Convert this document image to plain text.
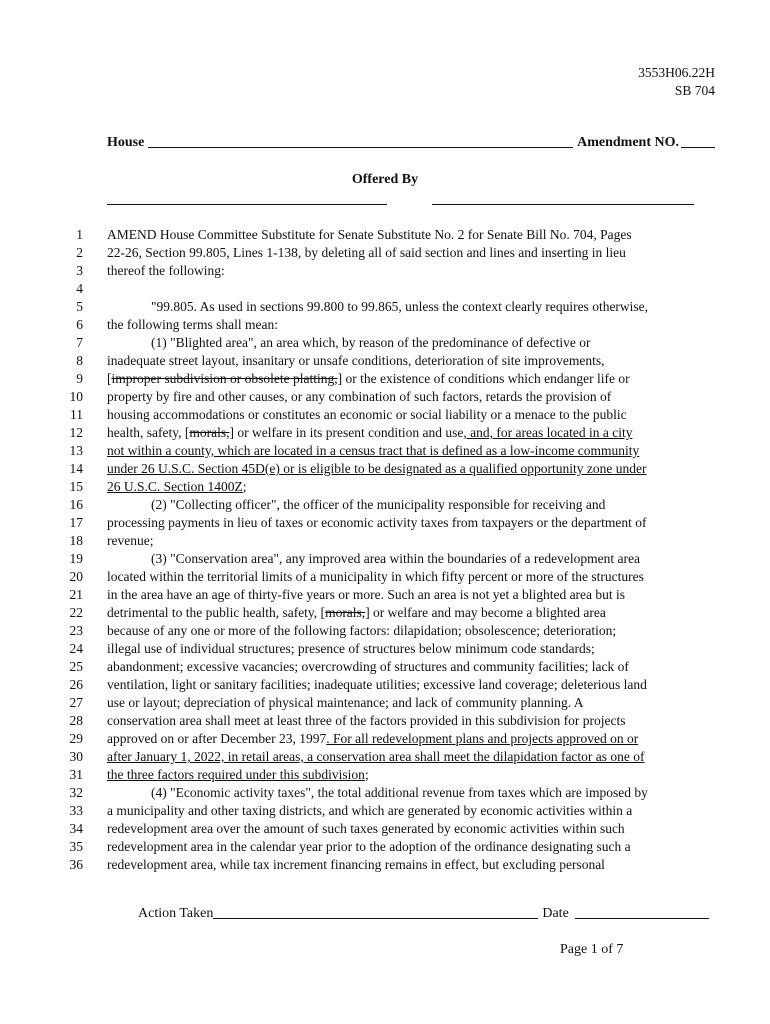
3553H06.22H
SB 704
House	Amendment NO.
Offered By
1
2
3
4
5
6
7
8
9
10
11
12
13
14
15
16
17
18
19
20
21
22
23
24
25
26
27
28
29
30
31
32
33
34
35
36
AMEND House Committee Substitute for Senate Substitute No. 2 for Senate Bill No. 704, Pages
22-26, Section 99.805, Lines 1-138, by deleting all of said section and lines and inserting in lieu
thereof the following:
"99.805. As used in sections 99.800 to 99.865, unless the context clearly requires otherwise,
the following terms shall mean:
(1) "Blighted area", an area which, by reason of the predominance of defective or
inadequate street layout, insanitary or unsafe conditions, deterioration of site improvements,
[improper subdivision or obsolete platting,] or the existence of conditions which endanger life or
property by fire and other causes, or any combination of such factors, retards the provision of
housing accommodations or constitutes an economic or social liability or a menace to the public
health, safety, [morals,] or welfare in its present condition and use, and, for areas located in a city
not within a county, which are located in a census tract that is defined as a low-income community
under 26 U.S.C. Section 45D(e) or is eligible to be designated as a qualified opportunity zone under
26 U.S.C. Section 1400Z;
(2) "Collecting officer", the officer of the municipality responsible for receiving and
processing payments in lieu of taxes or economic activity taxes from taxpayers or the department of
revenue;
(3) "Conservation area", any improved area within the boundaries of a redevelopment area
located within the territorial limits of a municipality in which fifty percent or more of the structures
in the area have an age of thirty-five years or more. Such an area is not yet a blighted area but is
detrimental to the public health, safety, [morals,] or welfare and may become a blighted area
because of any one or more of the following factors: dilapidation; obsolescence; deterioration;
illegal use of individual structures; presence of structures below minimum code standards;
abandonment; excessive vacancies; overcrowding of structures and community facilities; lack of
ventilation, light or sanitary facilities; inadequate utilities; excessive land coverage; deleterious land
use or layout; depreciation of physical maintenance; and lack of community planning. A
conservation area shall meet at least three of the factors provided in this subdivision for projects
approved on or after December 23, 1997. For all redevelopment plans and projects approved on or
after January 1, 2022, in retail areas, a conservation area shall meet the dilapidation factor as one of
the three factors required under this subdivision;
(4) "Economic activity taxes", the total additional revenue from taxes which are imposed by
a municipality and other taxing districts, and which are generated by economic activities within a
redevelopment area over the amount of such taxes generated by economic activities within such
redevelopment area in the calendar year prior to the adoption of the ordinance designating such a
redevelopment area, while tax increment financing remains in effect, but excluding personal
Action Taken	Date
Page 1 of 7
